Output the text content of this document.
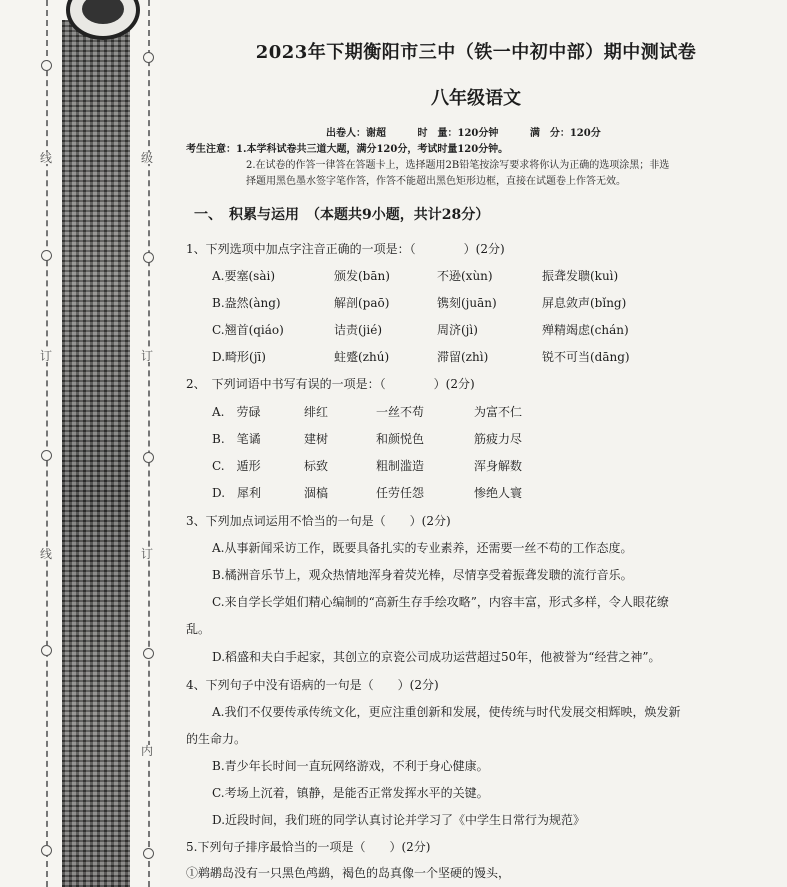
线	级
订	订
订
线
内
2023年下期衡阳市三中（铁一中初中部）期中测试卷
八年级语文
出卷人：谢超	时　量：120分钟	满　分：120分
考生注意：1.本学科试卷共三道大题，满分120分，考试时量120分钟。
2.在试卷的作答一律答在答题卡上，选择题用2B铅笔按涂写要求将你认为正确的选项涂黑；非选
择题用黑色墨水签字笔作答，作答不能超出黑色矩形边框，直接在试题卷上作答无效。
一、　积累与运用　（本题共9小题，共计28分）
1、下列选项中加点字注音正确的一项是：（　　　　）(2分)
A.要塞(sài)	颁发(bān)	不逊(xùn)	振聋发聩(kuì)
B.盎然(àng)	解剖(paō)	镌刻(juān)	屏息敛声(bǐng)
C.翘首(qiáo)	诘责(jié)	周济(jì)	殚精竭虑(chán)
D.畸形(jī)	蛀蹙(zhú)	滞留(zhì)	锐不可当(dāng)
2、　下列词语中书写有误的一项是：（　　　　）(2分)
A.　劳碌	绯红	一丝不苟	为富不仁
B.　笔谲	建树	和颜悦色	筋疲力尽
C.　遁形	标致	粗制滥造	浑身解数
D.　犀利	涸槁	任劳任怨	惨绝人寰
3、下列加点词运用不恰当的一句是（　　）(2分)
A.从事新闻采访工作，既要具备扎实的专业素养，还需要一丝不苟的工作态度。
B.橘洲音乐节上，观众热情地浑身着荧光棒，尽情享受着振聋发聩的流行音乐。
C.来自学长学姐们精心编制的“高新生存手绘攻略”，内容丰富，形式多样，令人眼花缭
乱。
D.稻盛和夫白手起家，其创立的京瓷公司成功运营超过50年，他被誉为“经营之神”。
4、下列句子中没有语病的一句是（　　）(2分)
A.我们不仅要传承传统文化，更应注重创新和发展，使传统与时代发展交相辉映，焕发新
的生命力。
B.青少年长时间一直玩网络游戏，不利于身心健康。
C.考场上沉着，镇静，是能否正常发挥水平的关键。
D.近段时间，我们班的同学认真讨论并学习了《中学生日常行为规范》
5.下列句子排序最恰当的一项是（　　）(2分)
①鹈鹕岛没有一只黑色鸬鹚，褐色的岛真像一个坚硬的馒头，
